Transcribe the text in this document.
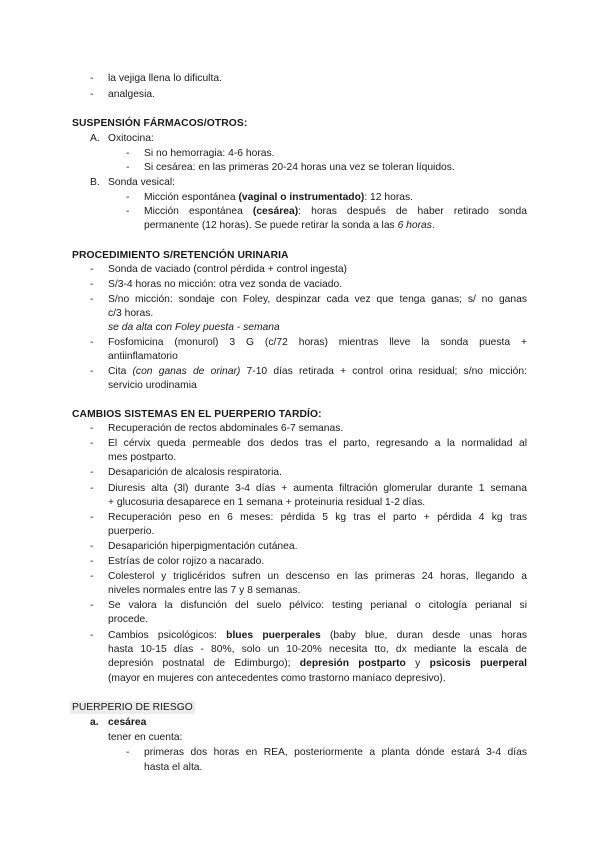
-	la vejiga llena lo dificulta.
-	analgesia.
SUSPENSIÓN FÁRMACOS/OTROS:
A. Oxitocina:
-	Si no hemorragia: 4-6 horas.
-	Si cesárea: en las primeras 20-24 horas una vez se toleran líquidos.
B. Sonda vesical:
-	Micción espontánea (vaginal o instrumentado): 12 horas.
-	Micción espontánea (cesárea): horas después de haber retirado sonda
permanente (12 horas). Se puede retirar la sonda a las 6 horas.
PROCEDIMIENTO S/RETENCIÓN URINARIA
-	Sonda de vaciado (control pérdida + control ingesta)
-	S/3-4 horas no micción: otra vez sonda de vaciado.
-	S/no micción: sondaje con Foley, despinzar cada vez que tenga ganas; s/ no ganas
c/3 horas.
se da alta con Foley puesta - semana
-	Fosfomicina (monurol) 3 G (c/72 horas) mientras lleve la sonda puesta +
antiinflamatorio
-	Cita (con ganas de orinar) 7-10 días retirada + control orina residual; s/no micción:
servicio urodinamia
CAMBIOS SISTEMAS EN EL PUERPERIO TARDÍO:
-	Recuperación de rectos abdominales 6-7 semanas.
-	El cérvix queda permeable dos dedos tras el parto, regresando a la normalidad al
mes postparto.
-	Desaparición de alcalosis respiratoria.
-	Diuresis alta (3l) durante 3-4 días + aumenta filtración glomerular durante 1 semana
+ glucosuria desaparece en 1 semana + proteinuria residual 1-2 días.
-	Recuperación peso en 6 meses: pérdida 5 kg tras el parto + pérdida 4 kg tras
puerperio.
-	Desaparición hiperpigmentación cutánea.
-	Estrías de color rojizo a nacarado.
-	Colesterol y triglicéridos sufren un descenso en las primeras 24 horas, llegando a
niveles normales entre las 7 y 8 semanas.
-	Se valora la disfunción del suelo pélvico: testing perianal o citología perianal si
procede.
-	Cambios psicológicos: blues puerperales (baby blue, duran desde unas horas
hasta 10-15 días - 80%, solo un 10-20% necesita tto, dx mediante la escala de
depresión postnatal de Edimburgo); depresión postparto y psicosis puerperal
(mayor en mujeres con antecedentes como trastorno maníaco depresivo).
PUERPERIO DE RIESGO
a. cesárea
tener en cuenta:
-	primeras dos horas en REA, posteriormente a planta dónde estará 3-4 días
hasta el alta.
